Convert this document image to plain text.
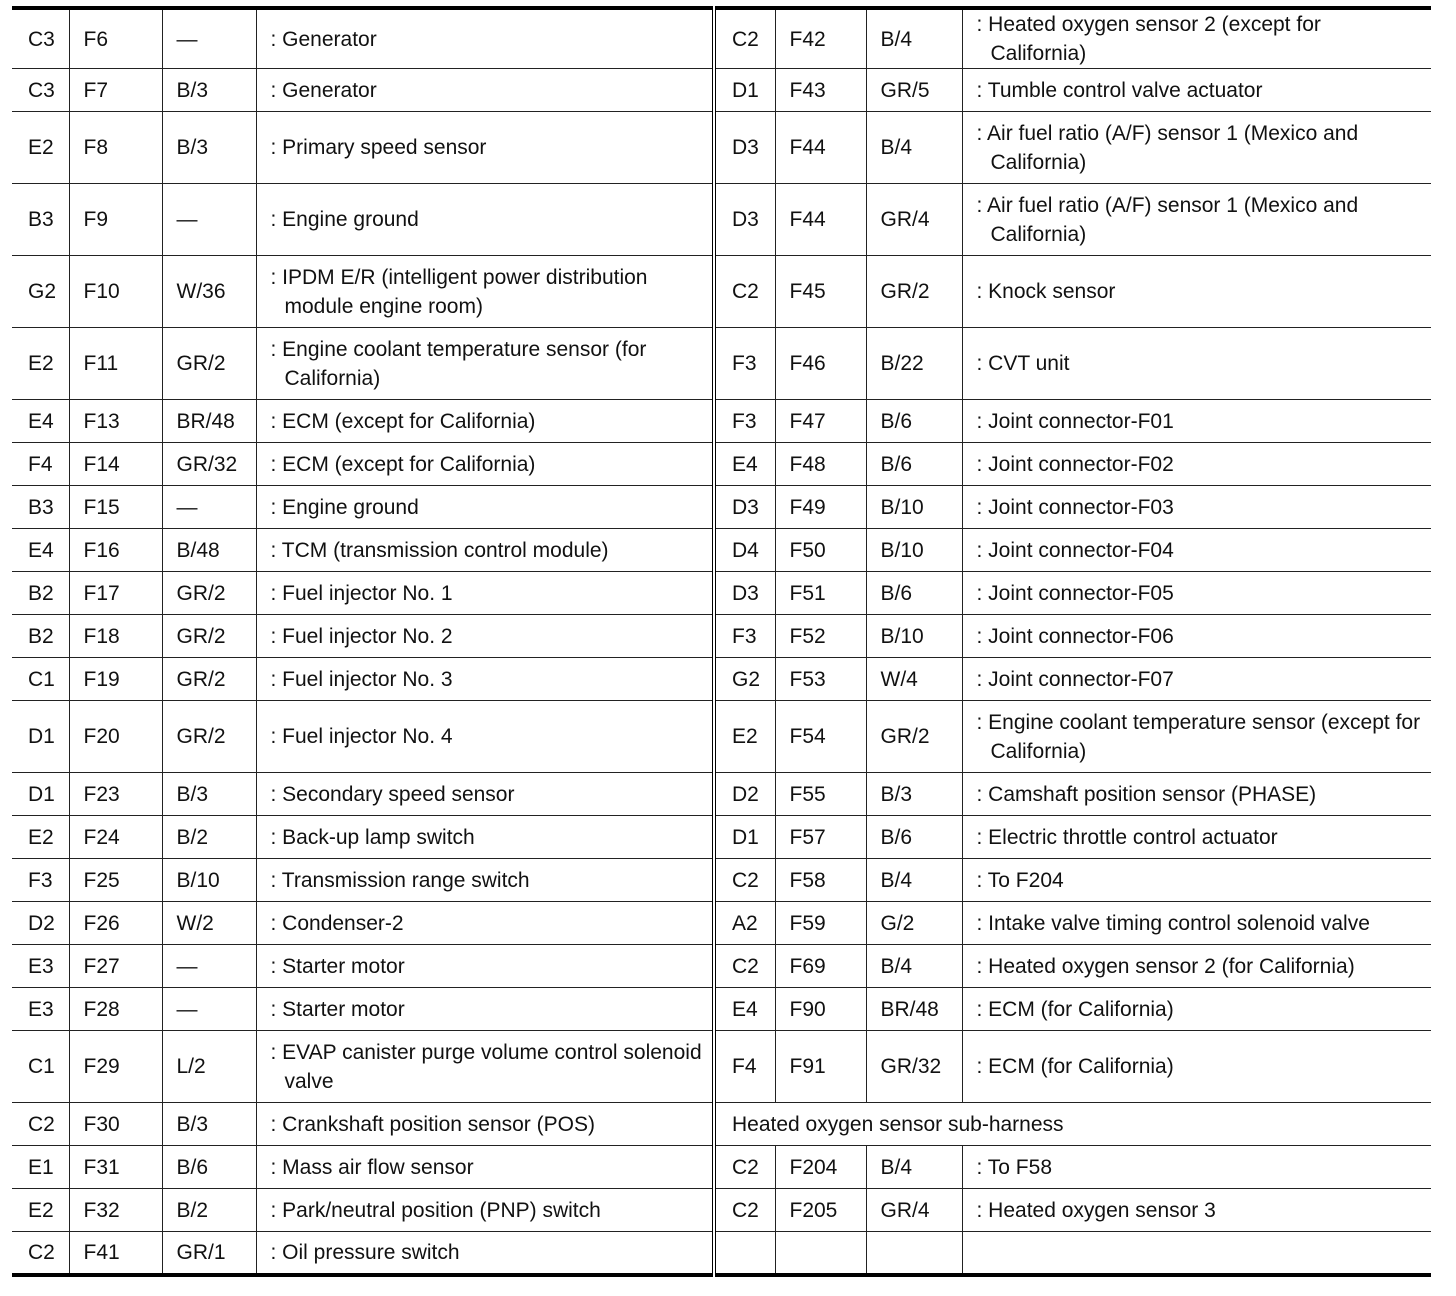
C3	F6	—	: Generator	C2	F42	B/4	: Heated oxygen sensor 2 (except for California)

C3	F7	B/3	: Generator	D1	F43	GR/5	: Tumble control valve actuator

E2	F8	B/3	: Primary speed sensor	D3	F44	B/4	: Air fuel ratio (A/F) sensor 1 (Mexico and California)

B3	F9	—	: Engine ground	D3	F44	GR/4	: Air fuel ratio (A/F) sensor 1 (Mexico and California)

G2	F10	W/36	: IPDM E/R (intelligent power distribution module engine room)	C2	F45	GR/2	: Knock sensor

E2	F11	GR/2	: Engine coolant temperature sensor (for California)	F3	F46	B/22	: CVT unit

E4	F13	BR/48	: ECM (except for California)	F3	F47	B/6	: Joint connector-F01

F4	F14	GR/32	: ECM (except for California)	E4	F48	B/6	: Joint connector-F02

B3	F15	—	: Engine ground	D3	F49	B/10	: Joint connector-F03

E4	F16	B/48	: TCM (transmission control module)	D4	F50	B/10	: Joint connector-F04

B2	F17	GR/2	: Fuel injector No. 1	D3	F51	B/6	: Joint connector-F05

B2	F18	GR/2	: Fuel injector No. 2	F3	F52	B/10	: Joint connector-F06

C1	F19	GR/2	: Fuel injector No. 3	G2	F53	W/4	: Joint connector-F07

D1	F20	GR/2	: Fuel injector No. 4	E2	F54	GR/2	: Engine coolant temperature sensor (except for California)

D1	F23	B/3	: Secondary speed sensor	D2	F55	B/3	: Camshaft position sensor (PHASE)

E2	F24	B/2	: Back-up lamp switch	D1	F57	B/6	: Electric throttle control actuator

F3	F25	B/10	: Transmission range switch	C2	F58	B/4	: To F204

D2	F26	W/2	: Condenser-2	A2	F59	G/2	: Intake valve timing control solenoid valve

E3	F27	—	: Starter motor	C2	F69	B/4	: Heated oxygen sensor 2 (for California)

E3	F28	—	: Starter motor	E4	F90	BR/48	: ECM (for California)

C1	F29	L/2	: EVAP canister purge volume control solenoid valve	F4	F91	GR/32	: ECM (for California)

C2	F30	B/3	: Crankshaft position sensor (POS)	Heated oxygen sensor sub-harness			
E1	F31	B/6	: Mass air flow sensor	C2	F204	B/4	: To F58

E2	F32	B/2	: Park/neutral position (PNP) switch	C2	F205	GR/4	: Heated oxygen sensor 3

C2	F41	GR/1	: Oil pressure switch
